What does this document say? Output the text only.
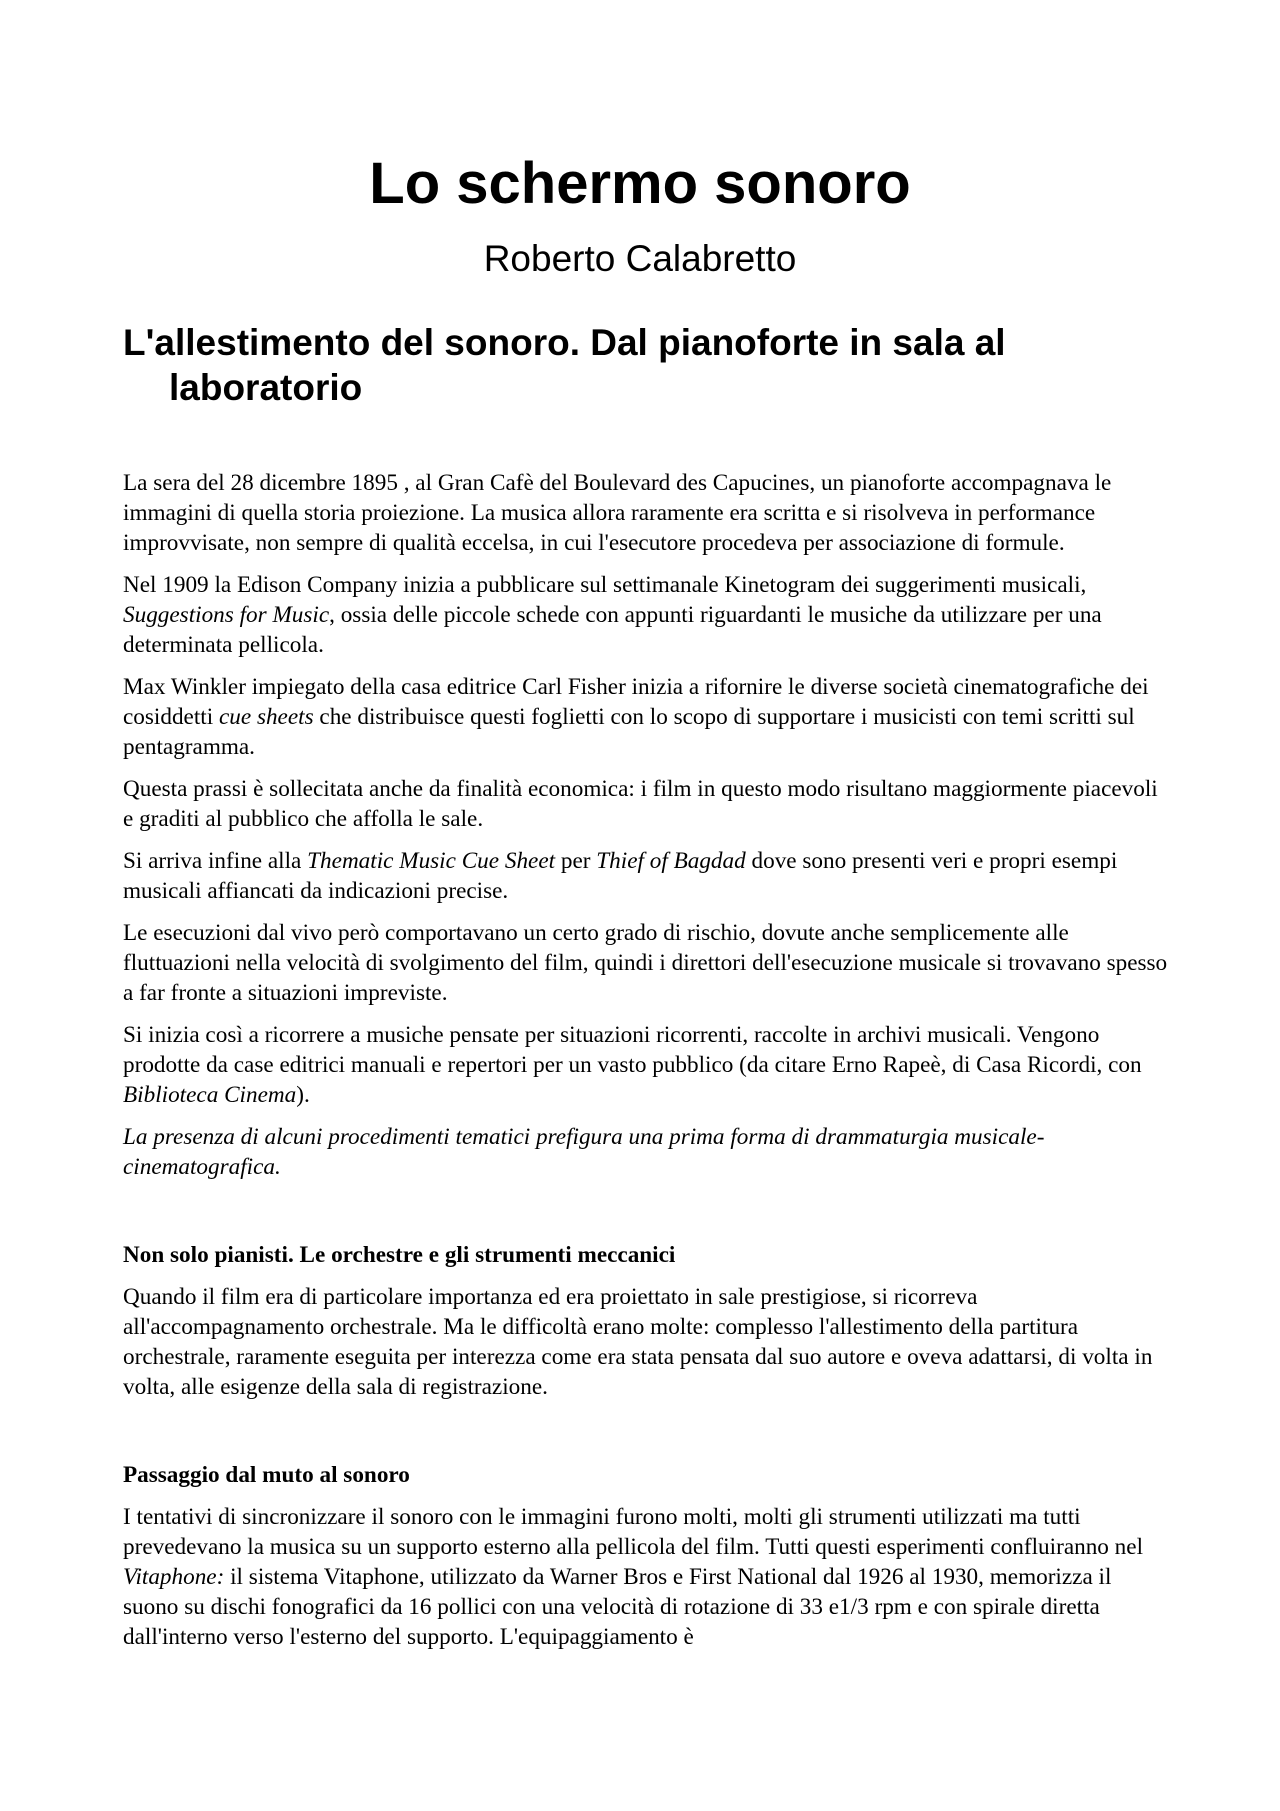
Lo schermo sonoro
Roberto Calabretto
L'allestimento del sonoro. Dal pianoforte in sala al laboratorio

La sera del 28 dicembre 1895 , al Gran Cafè del Boulevard des Capucines, un pianoforte accompagnava le immagini di quella storia proiezione. La musica allora raramente era scritta e si risolveva in performance improvvisate, non sempre di qualità eccelsa, in cui l'esecutore procedeva per associazione di formule.

Nel 1909 la Edison Company inizia a pubblicare sul settimanale Kinetogram dei suggerimenti musicali, Suggestions for Music, ossia delle piccole schede con appunti riguardanti le musiche da utilizzare per una determinata pellicola.

Max Winkler impiegato della casa editrice Carl Fisher inizia a rifornire le diverse società cinematografiche dei cosiddetti cue sheets che distribuisce questi foglietti con lo scopo di supportare i musicisti con temi scritti sul pentagramma.

Questa prassi è sollecitata anche da finalità economica: i film in questo modo risultano maggiormente piacevoli e graditi al pubblico che affolla le sale.

Si arriva infine alla Thematic Music Cue Sheet per Thief of Bagdad dove sono presenti veri e propri esempi musicali affiancati da indicazioni precise.

Le esecuzioni dal vivo però comportavano un certo grado di rischio, dovute anche semplicemente alle fluttuazioni nella velocità di svolgimento del film, quindi i direttori dell'esecuzione musicale si trovavano spesso a far fronte a situazioni impreviste.

Si inizia così a ricorrere a musiche pensate per situazioni ricorrenti, raccolte in archivi musicali. Vengono prodotte da case editrici manuali e repertori per un vasto pubblico (da citare Erno Rapeè, di Casa Ricordi, con Biblioteca Cinema).

La presenza di alcuni procedimenti tematici prefigura una prima forma di drammaturgia musicale-cinematografica.

Non solo pianisti. Le orchestre e gli strumenti meccanici

Quando il film era di particolare importanza ed era proiettato in sale prestigiose, si ricorreva all'accompagnamento orchestrale. Ma le difficoltà erano molte: complesso l'allestimento della partitura orchestrale, raramente eseguita per interezza come era stata pensata dal suo autore e oveva adattarsi, di volta in volta, alle esigenze della sala di registrazione.

Passaggio dal muto al sonoro

I tentativi di sincronizzare il sonoro con le immagini furono molti, molti gli strumenti utilizzati ma tutti prevedevano la musica su un supporto esterno alla pellicola del film. Tutti questi esperimenti confluiranno nel Vitaphone: il sistema Vitaphone, utilizzato da Warner Bros e First National dal 1926 al 1930, memorizza il suono su dischi fonografici da 16 pollici con una velocità di rotazione di 33 e1/3 rpm e con spirale diretta dall'interno verso l'esterno del supporto. L'equipaggiamento è
